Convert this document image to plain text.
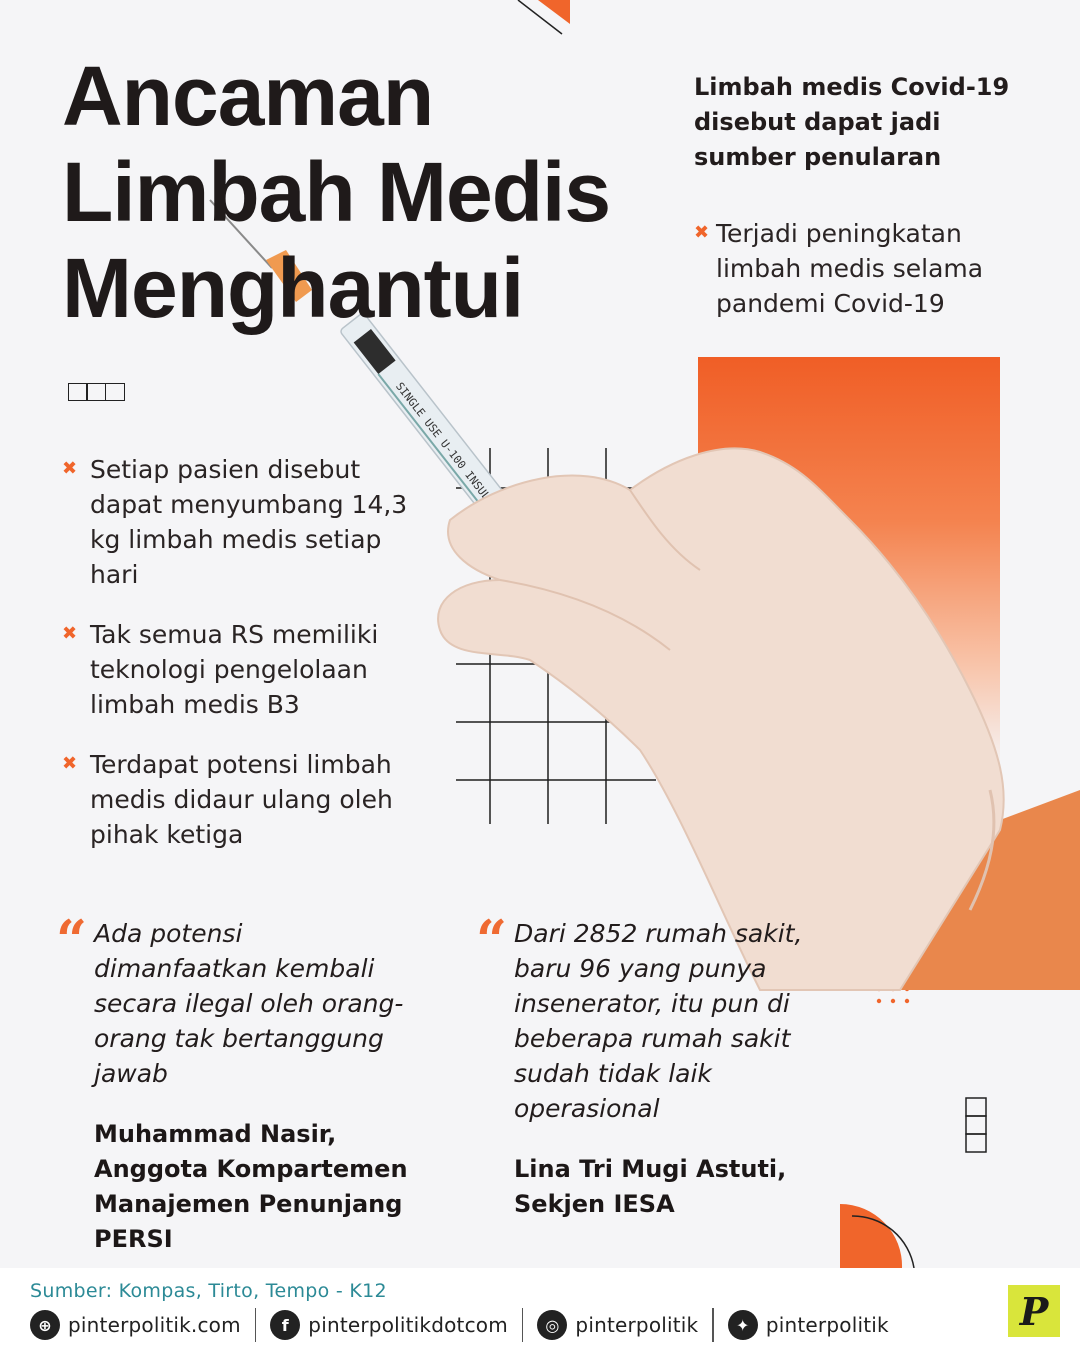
SINGLE USE U-100 INSULIN
Ancaman
Limbah Medis
Menghantui
Limbah medis Covid-19 disebut dapat jadi sumber penularan
✖ Terjadi peningkatan limbah medis selama pandemi Covid-19
✖ Setiap pasien disebut dapat menyumbang 14,3 kg limbah medis setiap hari
✖ Tak semua RS memiliki teknologi pengelolaan limbah medis B3
✖ Terdapat potensi limbah medis didaur ulang oleh pihak ketiga
“ Ada potensi dimanfaatkan kembali secara ilegal oleh orang-orang tak bertanggung jawab
Muhammad Nasir, Anggota Kompartemen Manajemen Penunjang PERSI
“ Dari 2852 rumah sakit, baru 96 yang punya insenerator, itu pun di beberapa rumah sakit sudah tidak laik operasional
Lina Tri Mugi Astuti, Sekjen IESA
Sumber: Kompas, Tirto, Tempo - K12
⊕ pinterpolitik.com	f pinterpolitikdotcom	◎ pinterpolitik	✦ pinterpolitik	P
